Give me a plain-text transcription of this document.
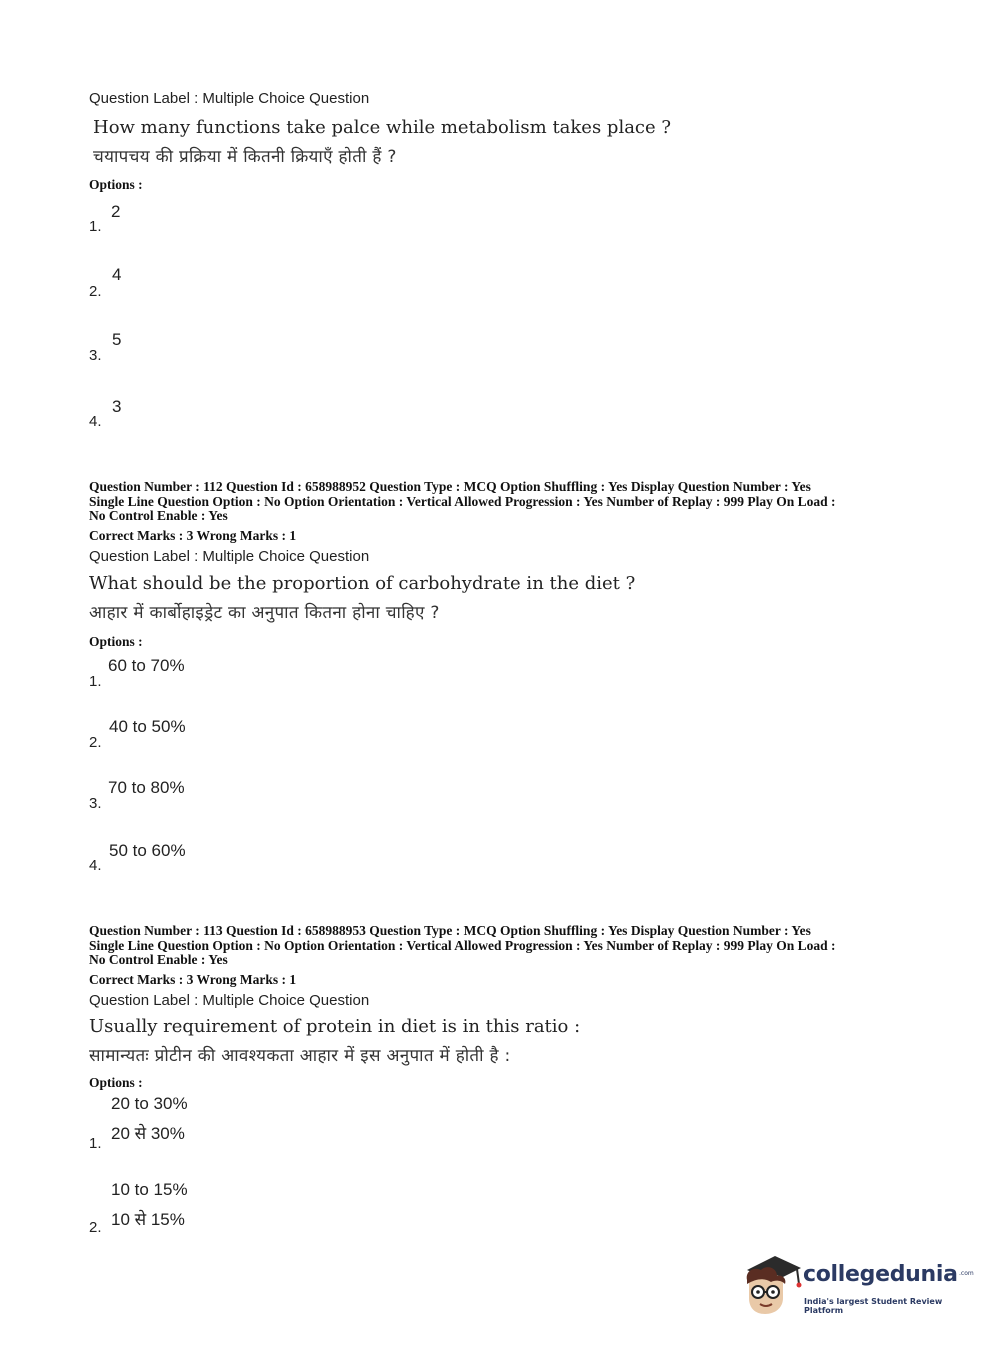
Question Label : Multiple Choice Question
How many functions take palce while metabolism takes place ?
चयापचय की प्रक्रिया में कितनी क्रियाएँ होती हैं ?
Options :
2
1.
4
2.
5
3.
3
4.
Question Number : 112 Question Id : 658988952 Question Type : MCQ Option Shuffling : Yes Display Question Number : Yes
Single Line Question Option : No Option Orientation : Vertical Allowed Progression : Yes Number of Replay : 999 Play On Load :
No Control Enable : Yes
Correct Marks : 3 Wrong Marks : 1
Question Label : Multiple Choice Question
What should be the proportion of carbohydrate in the diet ?
आहार में कार्बोहाइड्रेट का अनुपात कितना होना चाहिए ?
Options :
60 to 70%
1.
40 to 50%
2.
70 to 80%
3.
50 to 60%
4.
Question Number : 113 Question Id : 658988953 Question Type : MCQ Option Shuffling : Yes Display Question Number : Yes
Single Line Question Option : No Option Orientation : Vertical Allowed Progression : Yes Number of Replay : 999 Play On Load :
No Control Enable : Yes
Correct Marks : 3 Wrong Marks : 1
Question Label : Multiple Choice Question
Usually requirement of protein in diet is in this ratio :
सामान्यतः प्रोटीन की आवश्यकता आहार में इस अनुपात में होती है :
Options :
20 to 30%
20 से 30%
1.
10 to 15%
10 से 15%
2.
collegedunia .com
India's largest Student Review Platform
